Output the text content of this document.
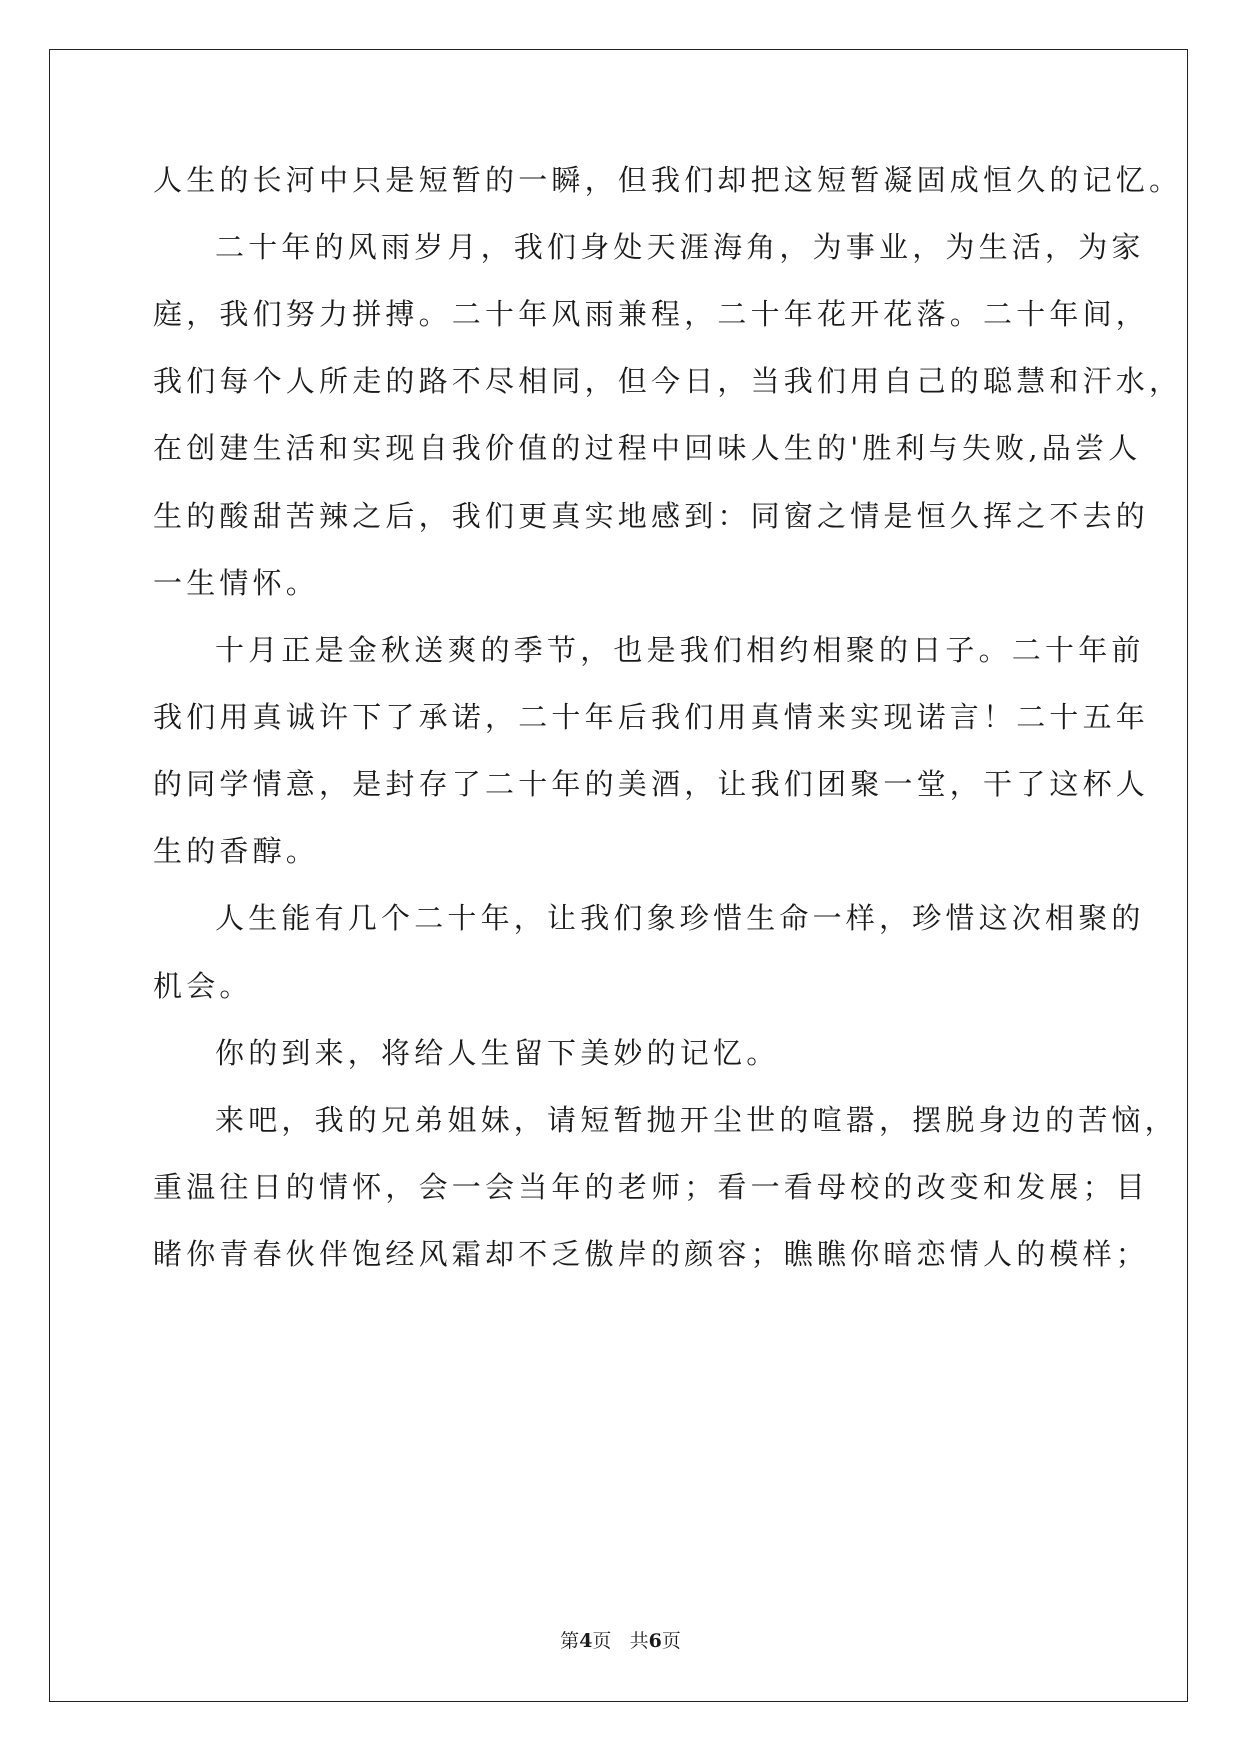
人生的长河中只是短暂的一瞬，但我们却把这短暂凝固成恒久的记忆。
二十年的风雨岁月，我们身处天涯海角，为事业，为生活，为家
庭，我们努力拼搏。二十年风雨兼程，二十年花开花落。二十年间，
我们每个人所走的路不尽相同，但今日，当我们用自己的聪慧和汗水，
在创建生活和实现自我价值的过程中回味人生的'胜利与失败,品尝人
生的酸甜苦辣之后，我们更真实地感到：同窗之情是恒久挥之不去的
一生情怀。
十月正是金秋送爽的季节，也是我们相约相聚的日子。二十年前
我们用真诚许下了承诺，二十年后我们用真情来实现诺言！二十五年
的同学情意，是封存了二十年的美酒，让我们团聚一堂，干了这杯人
生的香醇。
人生能有几个二十年，让我们象珍惜生命一样，珍惜这次相聚的
机会。
你的到来，将给人生留下美妙的记忆。
来吧，我的兄弟姐妹，请短暂抛开尘世的喧嚣，摆脱身边的苦恼，
重温往日的情怀，会一会当年的老师；看一看母校的改变和发展；目
睹你青春伙伴饱经风霜却不乏傲岸的颜容；瞧瞧你暗恋情人的模样；
第4页 共6页
